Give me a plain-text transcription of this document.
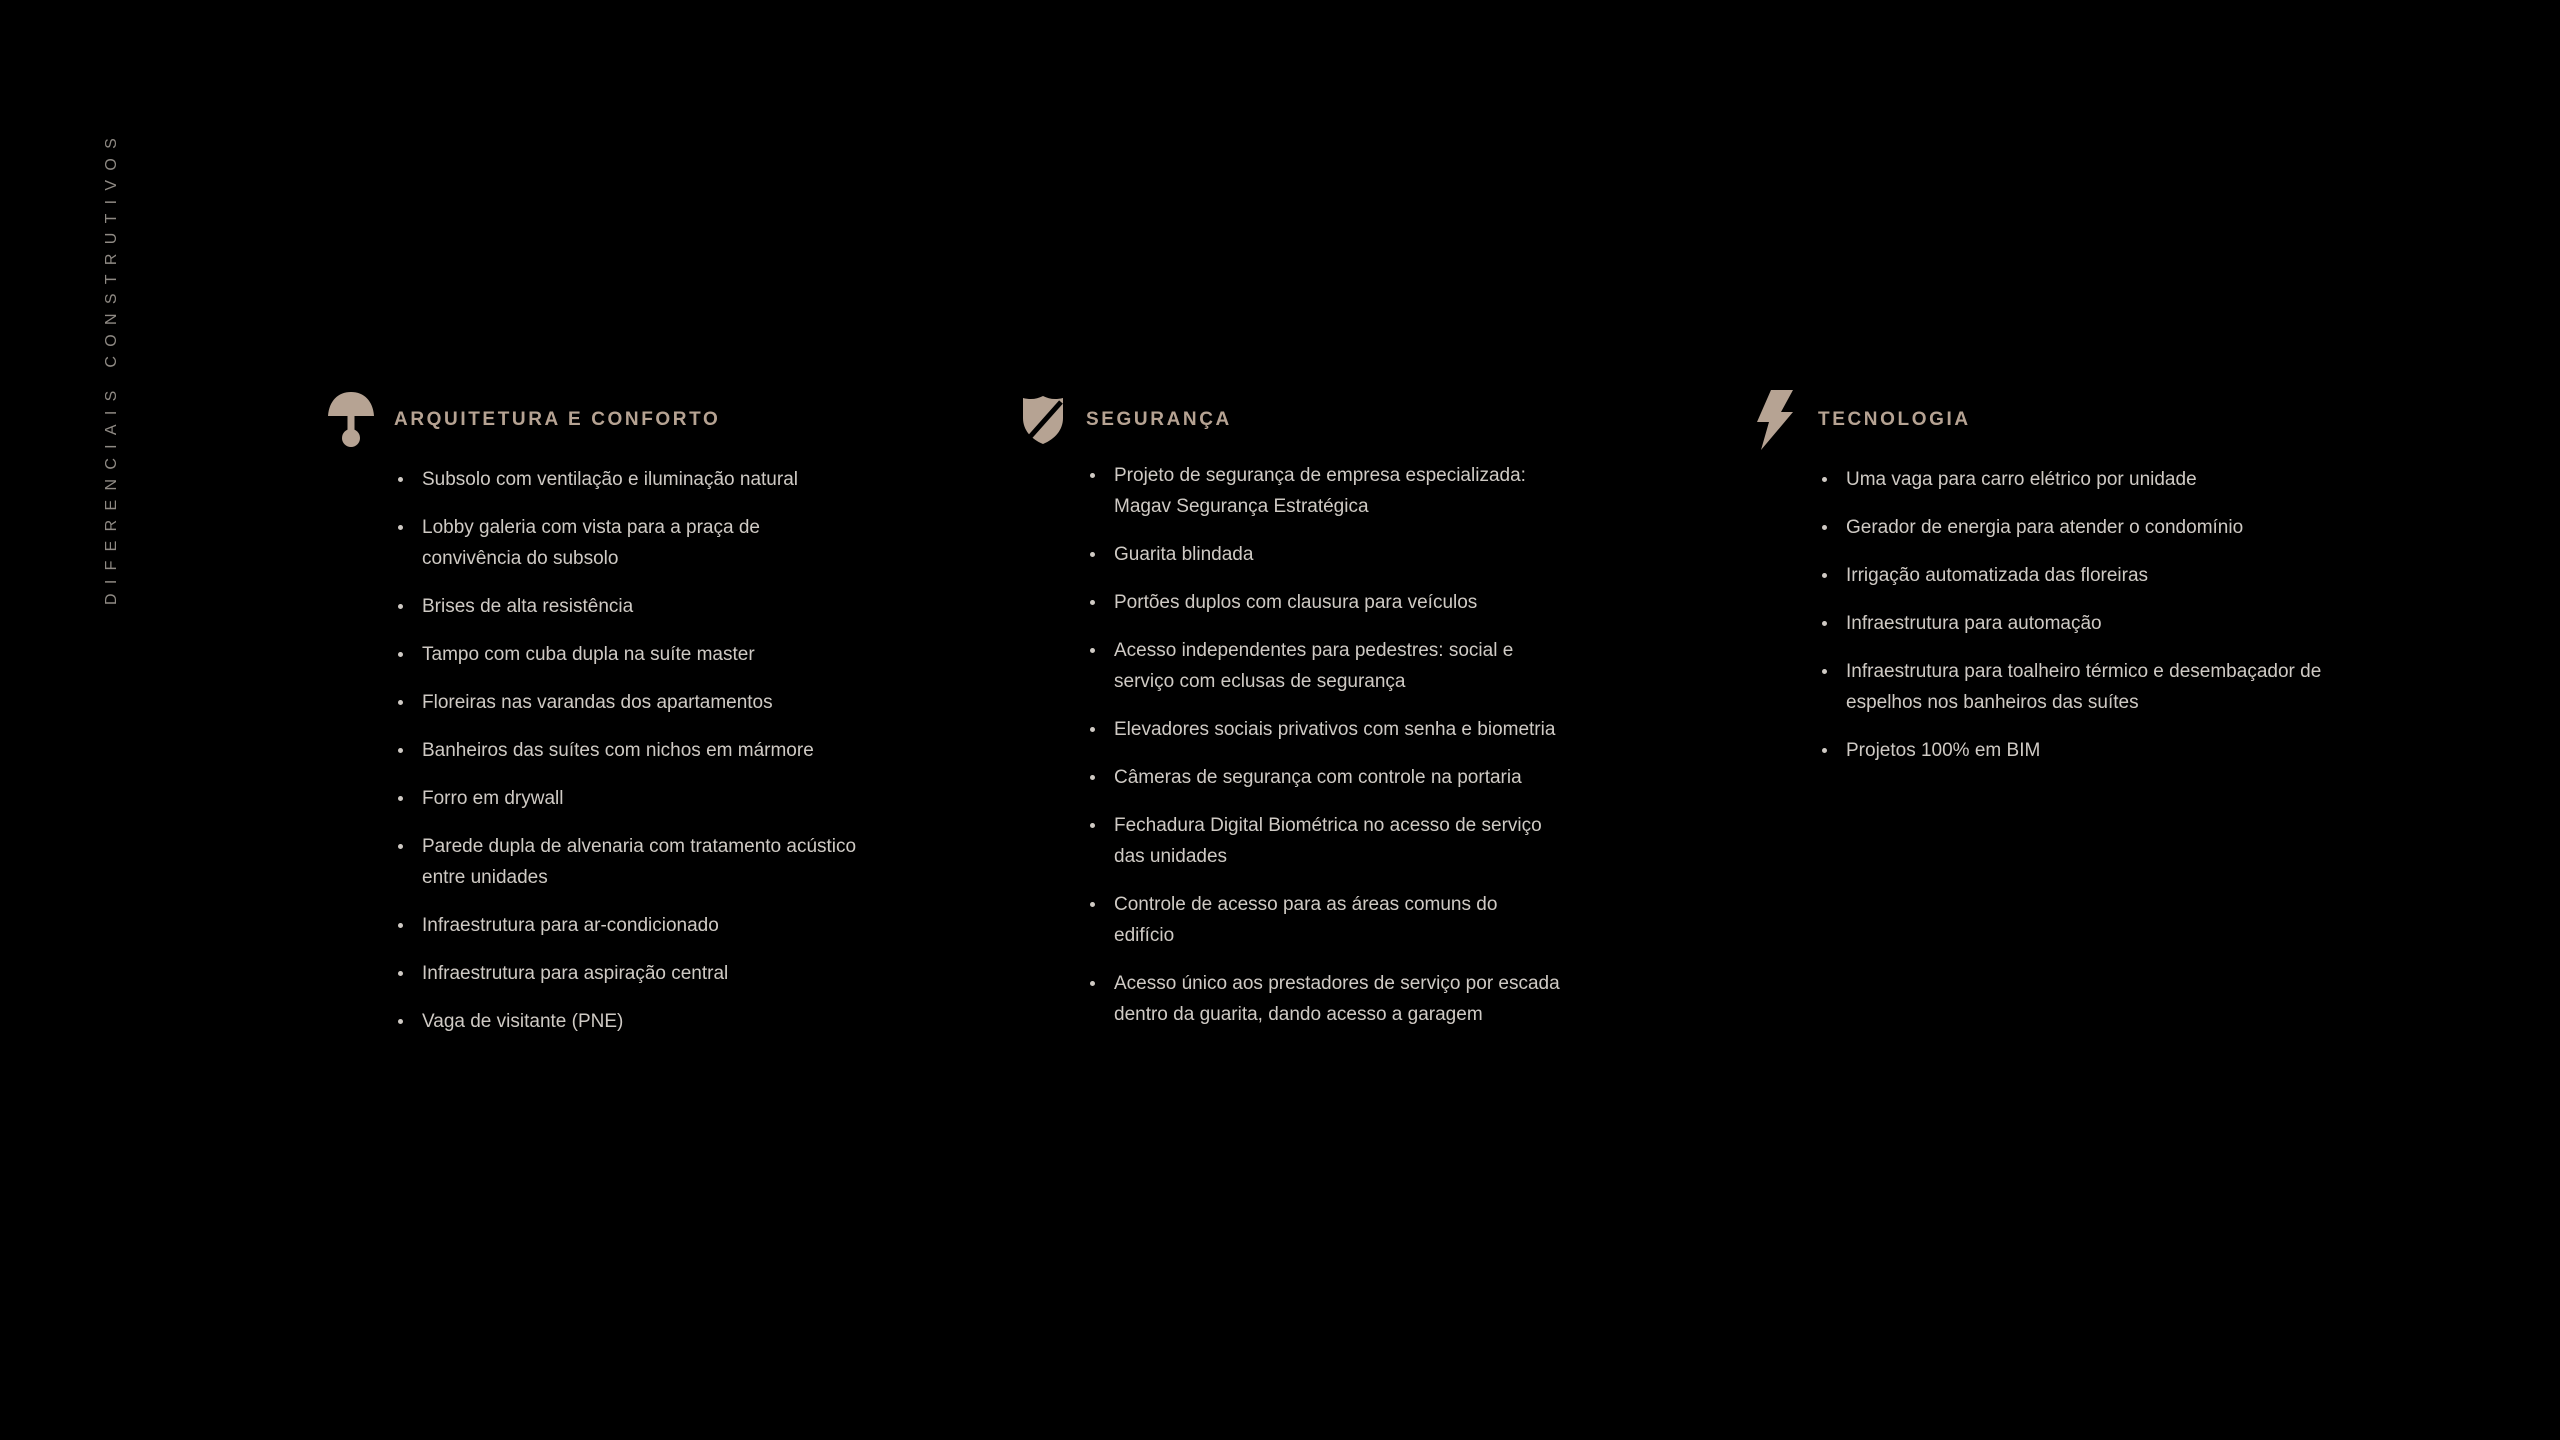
DIFERENCIAIS CONSTRUTIVOS	ARQUITETURA E CONFORTO
Subsolo com ventilação e iluminação natural
Lobby galeria com vista para a praça de convivência do subsolo
Brises de alta resistência
Tampo com cuba dupla na suíte master
Floreiras nas varandas dos apartamentos
Banheiros das suítes com nichos em mármore
Forro em drywall
Parede dupla de alvenaria com tratamento acústico entre unidades
Infraestrutura para ar-condicionado
Infraestrutura para aspiração central
Vaga de visitante (PNE)
SEGURANÇA
Projeto de segurança de empresa especializada: Magav Segurança Estratégica
Guarita blindada
Portões duplos com clausura para veículos
Acesso independentes para pedestres: social e serviço com eclusas de segurança
Elevadores sociais privativos com senha e biometria
Câmeras de segurança com controle na portaria
Fechadura Digital Biométrica no acesso de serviço das unidades
Controle de acesso para as áreas comuns do edifício
Acesso único aos prestadores de serviço por escada dentro da guarita, dando acesso a garagem
TECNOLOGIA
Uma vaga para carro elétrico por unidade
Gerador de energia para atender o condomínio
Irrigação automatizada das floreiras
Infraestrutura para automação
Infraestrutura para toalheiro térmico e desembaçador de espelhos nos banheiros das suítes
Projetos 100% em BIM
